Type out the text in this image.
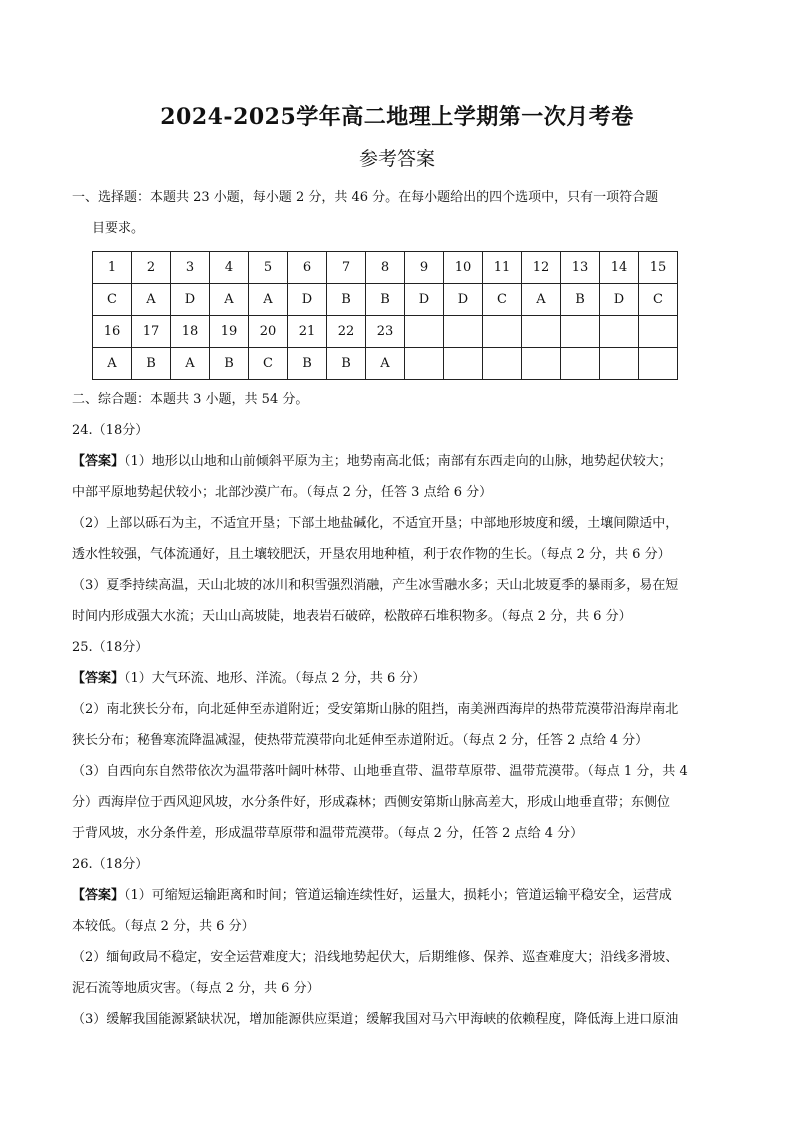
2024-2025学年高二地理上学期第一次月考卷
参考答案
一、选择题：本题共 23 小题，每小题 2 分，共 46 分。在每小题给出的四个选项中，只有一项符合题
目要求。
1	2	3	4	5	6	7	8	9	10	11	12	13	14	15
C	A	D	A	A	D	B	B	D	D	C	A	B	D	C
16	17	18	19	20	21	22	23							
A	B	A	B	C	B	B	A							
二、综合题：本题共 3 小题，共 54 分。
24.（18分）
【答案】（1）地形以山地和山前倾斜平原为主；地势南高北低；南部有东西走向的山脉，地势起伏较大；
中部平原地势起伏较小；北部沙漠广布。（每点 2 分，任答 3 点给 6 分）
（2）上部以砾石为主，不适宜开垦；下部土地盐碱化，不适宜开垦；中部地形坡度和缓，土壤间隙适中，
透水性较强，气体流通好，且土壤较肥沃，开垦农用地种植，利于农作物的生长。（每点 2 分，共 6 分）
（3）夏季持续高温，天山北坡的冰川和积雪强烈消融，产生冰雪融水多；天山北坡夏季的暴雨多，易在短
时间内形成强大水流；天山山高坡陡，地表岩石破碎，松散碎石堆积物多。（每点 2 分，共 6 分）
25.（18分）
【答案】（1）大气环流、地形、洋流。（每点 2 分，共 6 分）
（2）南北狭长分布，向北延伸至赤道附近；受安第斯山脉的阻挡，南美洲西海岸的热带荒漠带沿海岸南北
狭长分布；秘鲁寒流降温减湿，使热带荒漠带向北延伸至赤道附近。（每点 2 分，任答 2 点给 4 分）
（3）自西向东自然带依次为温带落叶阔叶林带、山地垂直带、温带草原带、温带荒漠带。（每点 1 分，共 4
分）西海岸位于西风迎风坡，水分条件好，形成森林；西侧安第斯山脉高差大，形成山地垂直带；东侧位
于背风坡，水分条件差，形成温带草原带和温带荒漠带。（每点 2 分，任答 2 点给 4 分）
26.（18分）
【答案】（1）可缩短运输距离和时间；管道运输连续性好，运量大，损耗小；管道运输平稳安全，运营成
本较低。（每点 2 分，共 6 分）
（2）缅甸政局不稳定，安全运营难度大；沿线地势起伏大，后期维修、保养、巡查难度大；沿线多滑坡、
泥石流等地质灾害。（每点 2 分，共 6 分）
（3）缓解我国能源紧缺状况，增加能源供应渠道；缓解我国对马六甲海峡的依赖程度，降低海上进口原油
